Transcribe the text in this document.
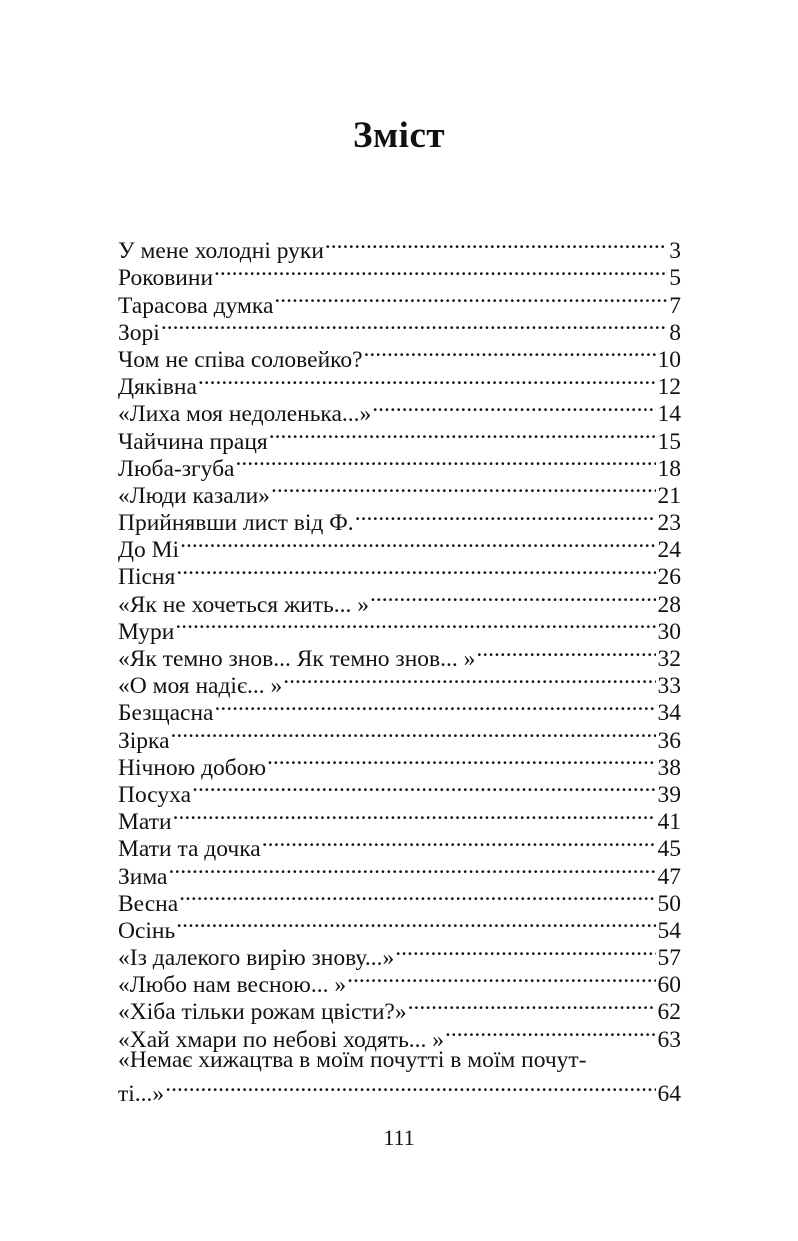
Зміст
У мене холодні руки .....	3
Роковини .....	5
Тарасова думка .....	7
Зорі .....	8
Чом не співа соловейко? .....	10
Дяківна .....	12
«Лиха моя недоленька...» .....	14
Чайчина праця .....	15
Люба-згуба .....	18
«Люди казали» .....	21
Прийнявши лист від Ф. .....	23
До Мі .....	24
Пісня .....	26
«Як не хочеться жить... » .....	28
Мури .....	30
«Як темно знов... Як темно знов... » .....	32
«О моя надіє... » .....	33
Безщасна .....	34
Зірка .....	36
Нічною добою .....	38
Посуха .....	39
Мати .....	41
Мати та дочка .....	45
Зима .....	47
Весна .....	50
Осінь .....	54
«Із далекого вирію знову...» .....	57
«Любо нам весною... » .....	60
«Хіба тільки рожам цвісти?» .....	62
«Хай хмари по небові ходять... » .....	63
«Немає хижацтва в моїм почутті в моїм почут-
ті...» .....	64
111
